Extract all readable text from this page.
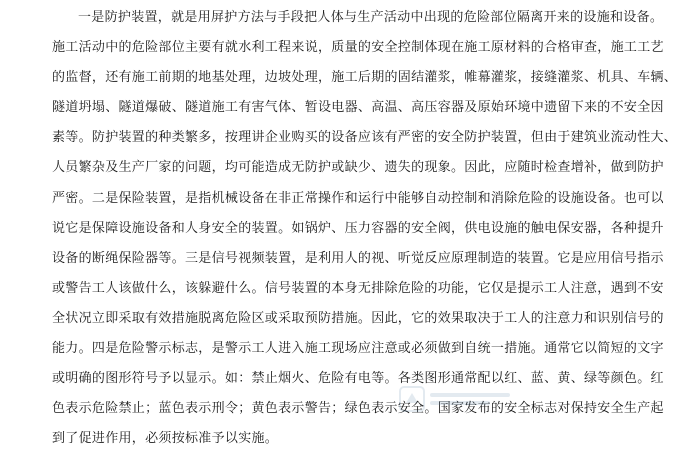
一是防护装置，就是用屏护方法与手段把人体与生产活动中出现的危险部位隔离开来的设施和设备。
施工活动中的危险部位主要有就水利工程来说，质量的安全控制体现在施工原材料的合格审查，施工工艺
的监督，还有施工前期的地基处理，边坡处理，施工后期的固结灌浆，帷幕灌浆，接缝灌浆、机具、车辆、
隧道坍塌、隧道爆破、隧道施工有害气体、暂设电器、高温、高压容器及原始环境中遗留下来的不安全因
素等。防护装置的种类繁多，按理讲企业购买的设备应该有严密的安全防护装置，但由于建筑业流动性大、
人员繁杂及生产厂家的问题，均可能造成无防护或缺少、遗失的现象。因此，应随时检查增补，做到防护
严密。二是保险装置，是指机械设备在非正常操作和运行中能够自动控制和消除危险的设施设备。也可以
说它是保障设施设备和人身安全的装置。如锅炉、压力容器的安全阀，供电设施的触电保安器，各种提升
设备的断绳保险器等。三是信号视频装置，是利用人的视、听觉反应原理制造的装置。它是应用信号指示
或警告工人该做什么，该躲避什么。信号装置的本身无排除危险的功能，它仅是提示工人注意，遇到不安
全状况立即采取有效措施脱离危险区或采取预防措施。因此，它的效果取决于工人的注意力和识别信号的
能力。四是危险警示标志，是警示工人进入施工现场应注意或必须做到自统一措施。通常它以简短的文字
或明确的图形符号予以显示。如：禁止烟火、危险有电等。各类图形通常配以红、蓝、黄、绿等颜色。红
色表示危险禁止；蓝色表示刑令；黄色表示警告；绿色表示安全。国家发布的安全标志对保持安全生产起
到了促进作用，必须按标准予以实施。
